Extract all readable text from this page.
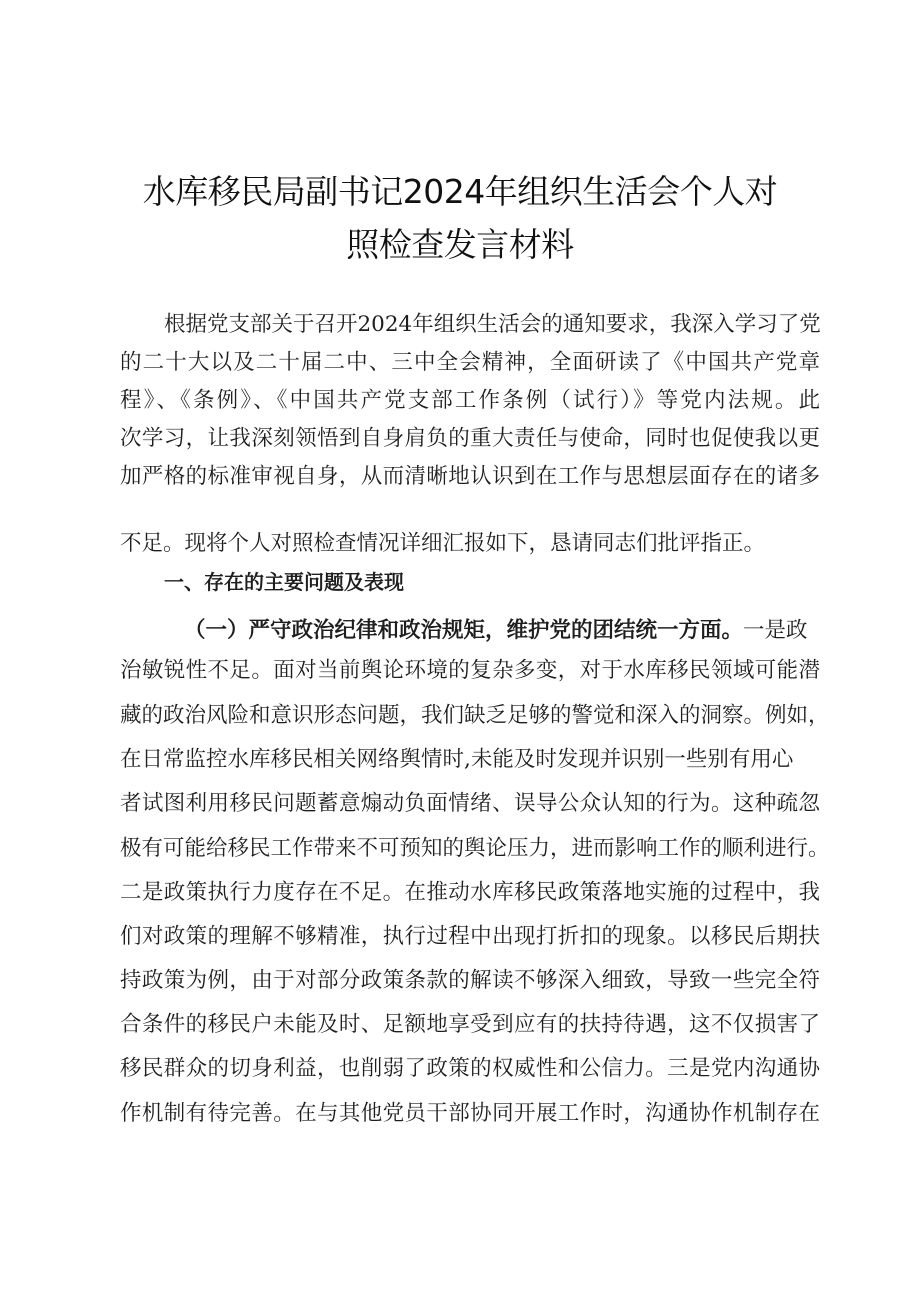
水库移民局副书记2024年组织生活会个人对
照检查发言材料
根据党支部关于召开2024年组织生活会的通知要求，我深入学习了党
的二十大以及二十届二中、三中全会精神，全面研读了《中国共产党章
程》、《条例》、《中国共产党支部工作条例（试行）》等党内法规。此
次学习，让我深刻领悟到自身肩负的重大责任与使命，同时也促使我以更
加严格的标准审视自身，从而清晰地认识到在工作与思想层面存在的诸多
不足。现将个人对照检查情况详细汇报如下，恳请同志们批评指正。
一、存在的主要问题及表现
（一）严守政治纪律和政治规矩，维护党的团结统一方面。一是政
治敏锐性不足。面对当前舆论环境的复杂多变，对于水库移民领域可能潜
藏的政治风险和意识形态问题，我们缺乏足够的警觉和深入的洞察。例如，
在日常监控水库移民相关网络舆情时,未能及时发现并识别一些别有用心
者试图利用移民问题蓄意煽动负面情绪、误导公众认知的行为。这种疏忽
极有可能给移民工作带来不可预知的舆论压力，进而影响工作的顺利进行。
二是政策执行力度存在不足。在推动水库移民政策落地实施的过程中，我
们对政策的理解不够精准，执行过程中出现打折扣的现象。以移民后期扶
持政策为例，由于对部分政策条款的解读不够深入细致，导致一些完全符
合条件的移民户未能及时、足额地享受到应有的扶持待遇，这不仅损害了
移民群众的切身利益，也削弱了政策的权威性和公信力。三是党内沟通协
作机制有待完善。在与其他党员干部协同开展工作时，沟通协作机制存在
